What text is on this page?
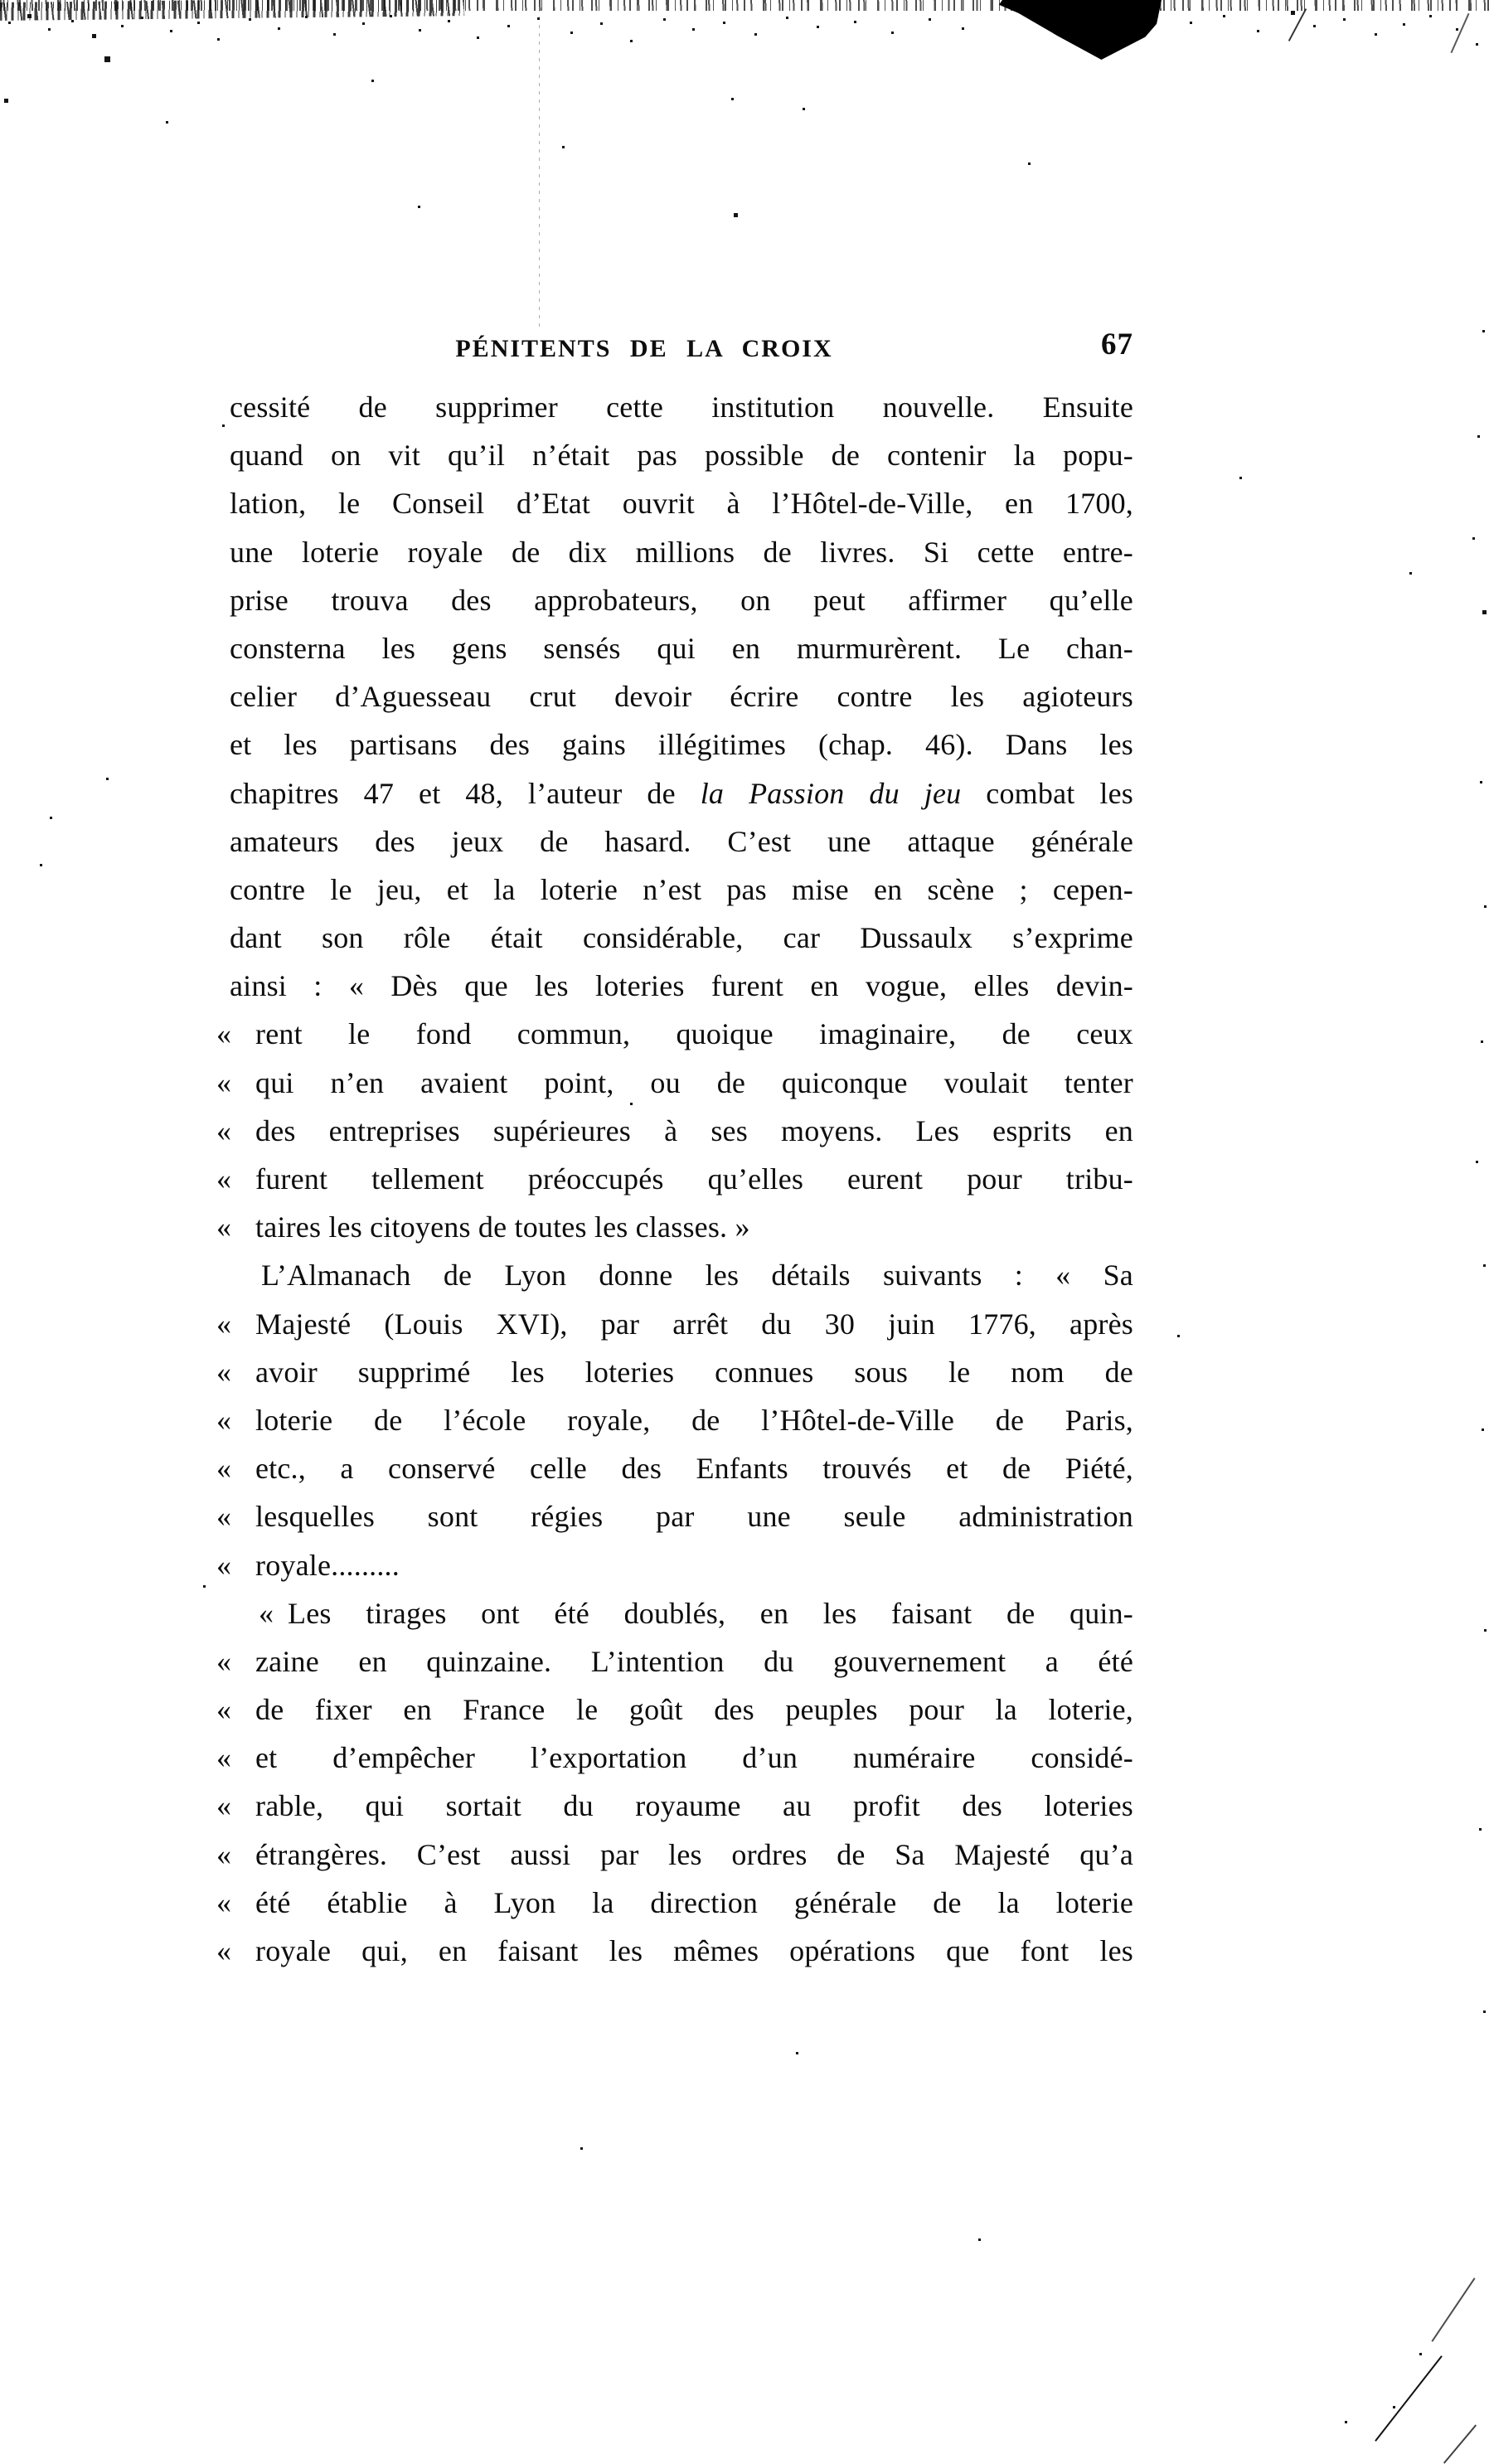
PÉNITENTS DE LA CROIX	67
cessité de supprimer cette institution nouvelle. Ensuite
quand on vit qu’il n’était pas possible de contenir la popu-
lation, le Conseil d’Etat ouvrit à l’Hôtel-de-Ville, en 1700,
une loterie royale de dix millions de livres. Si cette entre-
prise trouva des approbateurs, on peut affirmer qu’elle
consterna les gens sensés qui en murmurèrent. Le chan-
celier d’Aguesseau crut devoir écrire contre les agioteurs
et les partisans des gains illégitimes (chap. 46). Dans les
chapitres 47 et 48, l’auteur de la Passion du jeu combat les
amateurs des jeux de hasard. C’est une attaque générale
contre le jeu, et la loterie n’est pas mise en scène ; cepen-
dant son rôle était considérable, car Dussaulx s’exprime
ainsi : « Dès que les loteries furent en vogue, elles devin-
« rent le fond commun, quoique imaginaire, de ceux
« qui n’en avaient point, ou de quiconque voulait tenter
« des entreprises supérieures à ses moyens. Les esprits en
« furent tellement préoccupés qu’elles eurent pour tribu-
« taires les citoyens de toutes les classes. »
L’Almanach de Lyon donne les détails suivants : « Sa
« Majesté (Louis XVI), par arrêt du 30 juin 1776, après
« avoir supprimé les loteries connues sous le nom de
« loterie de l’école royale, de l’Hôtel-de-Ville de Paris,
« etc., a conservé celle des Enfants trouvés et de Piété,
« lesquelles sont régies par une seule administration
« royale.........
« Les tirages ont été doublés, en les faisant de quin-
« zaine en quinzaine. L’intention du gouvernement a été
« de fixer en France le goût des peuples pour la loterie,
« et d’empêcher l’exportation d’un numéraire considé-
« rable, qui sortait du royaume au profit des loteries
« étrangères. C’est aussi par les ordres de Sa Majesté qu’a
« été établie à Lyon la direction générale de la loterie
« royale qui, en faisant les mêmes opérations que font les
